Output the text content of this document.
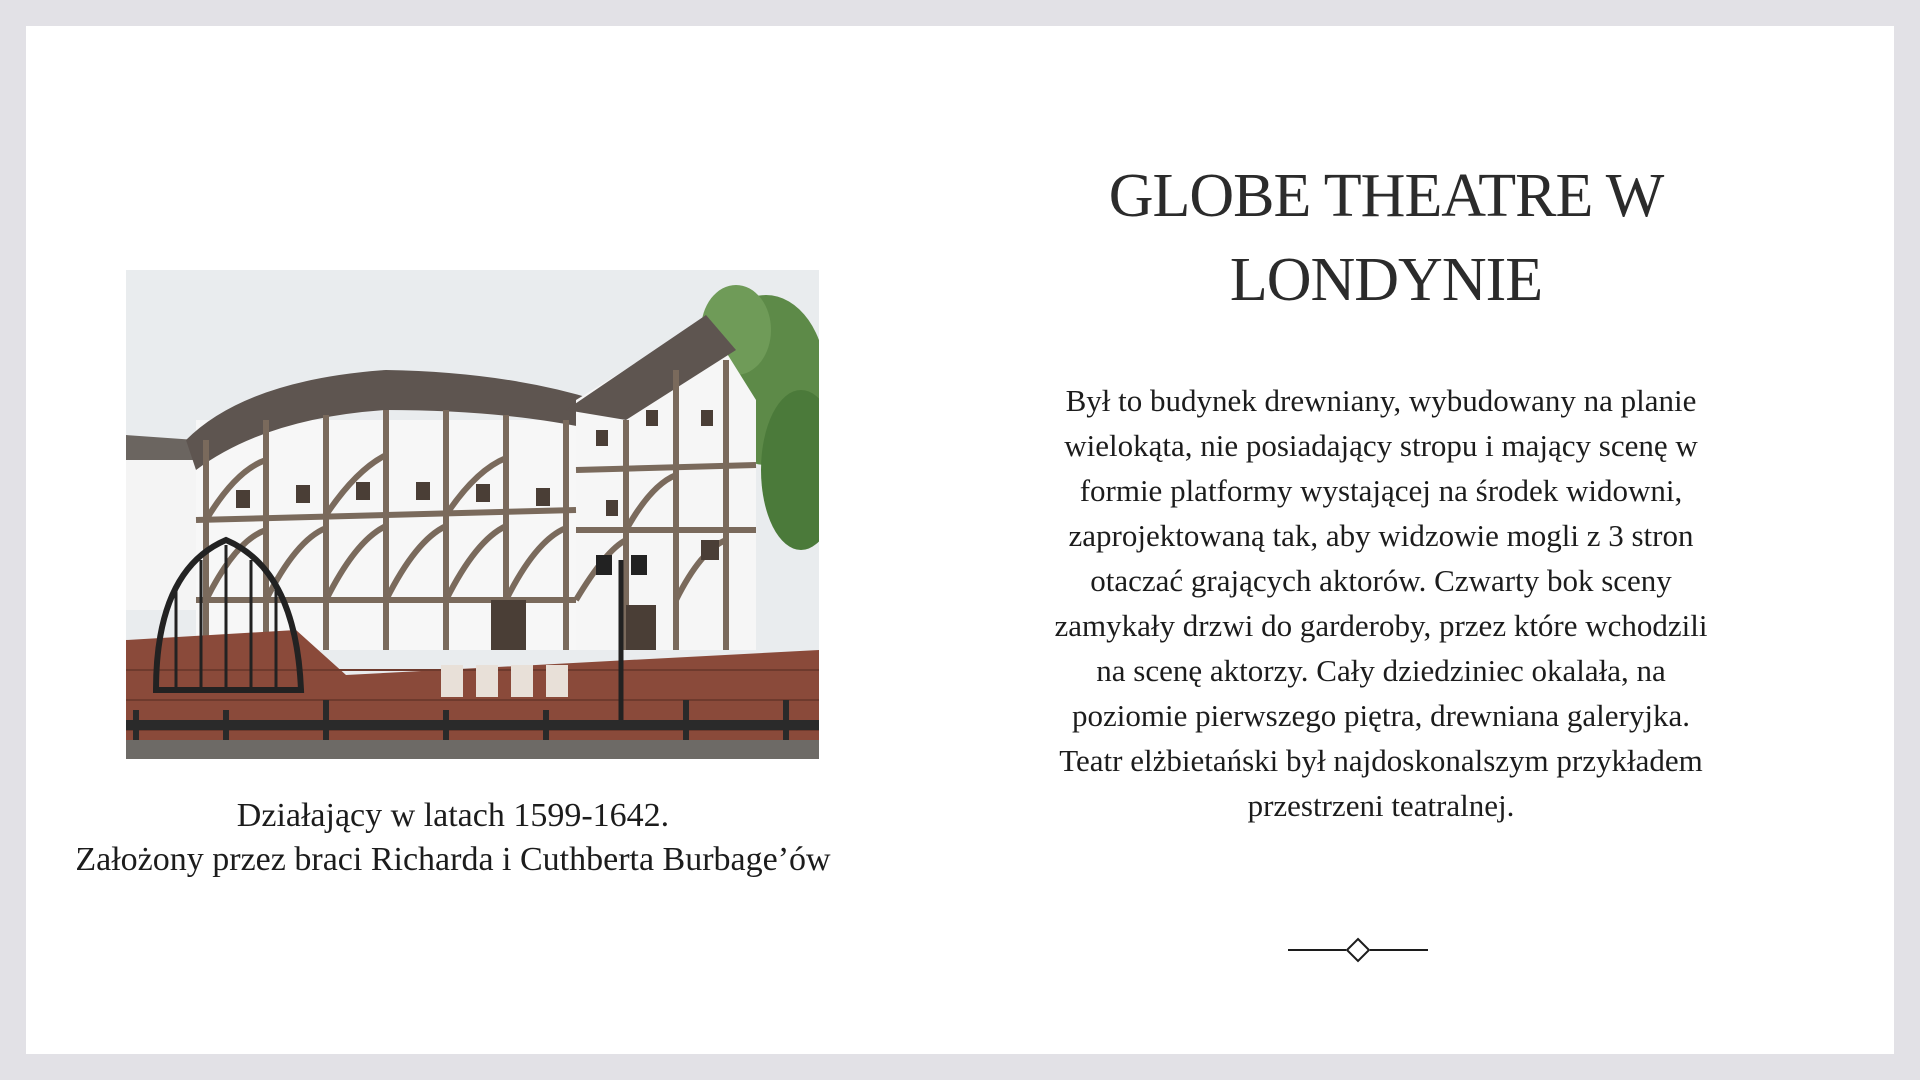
Działający w latach 1599-1642.
Założony przez braci Richarda i Cuthberta Burbage’ów
GLOBE THEATRE W
LONDYNIE
Był to budynek drewniany, wybudowany na planie
wielokąta, nie posiadający stropu i mający scenę w
formie platformy wystającej na środek widowni,
zaprojektowaną tak, aby widzowie mogli z 3 stron
otaczać grających aktorów. Czwarty bok sceny
zamykały drzwi do garderoby, przez które wchodzili
na scenę aktorzy. Cały dziedziniec okalała, na
poziomie pierwszego piętra, drewniana galeryjka.
Teatr elżbietański był najdoskonalszym przykładem
przestrzeni teatralnej.
